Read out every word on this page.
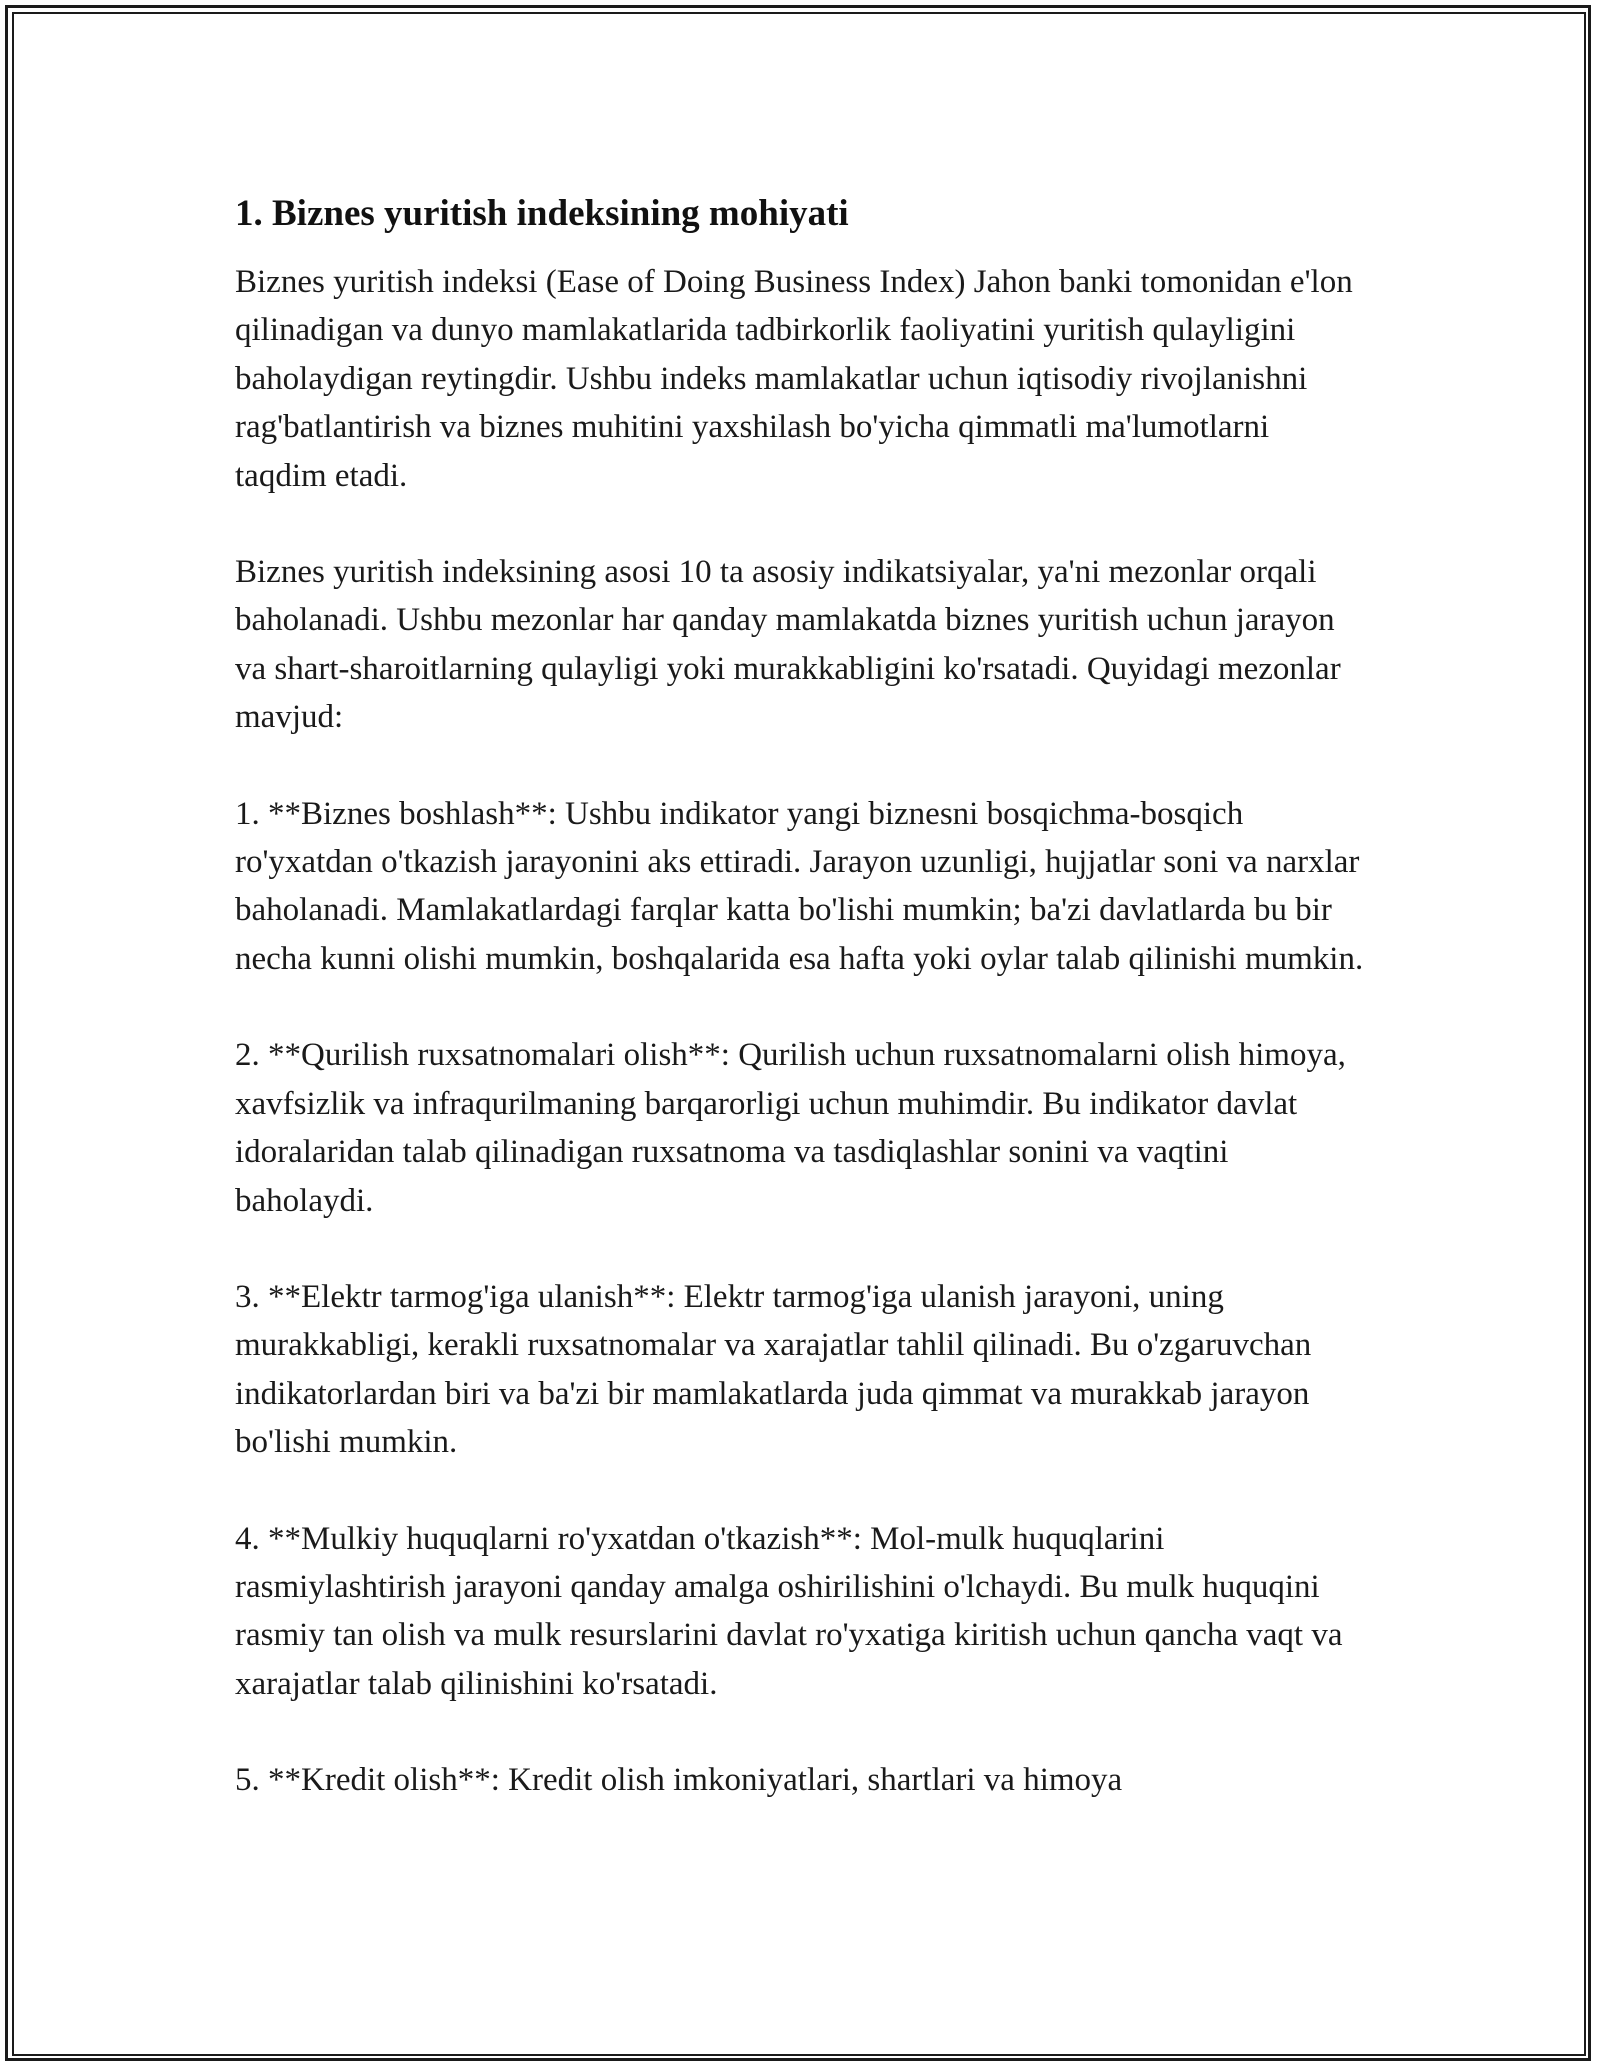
1. Biznes yuritish indeksining mohiyati

Biznes yuritish indeksi (Ease of Doing Business Index) Jahon banki tomonidan e'lon qilinadigan va dunyo mamlakatlarida tadbirkorlik faoliyatini yuritish qulayligini baholaydigan reytingdir. Ushbu indeks mamlakatlar uchun iqtisodiy rivojlanishni rag'batlantirish va biznes muhitini yaxshilash bo'yicha qimmatli ma'lumotlarni taqdim etadi.

Biznes yuritish indeksining asosi 10 ta asosiy indikatsiyalar, ya'ni mezonlar orqali baholanadi. Ushbu mezonlar har qanday mamlakatda biznes yuritish uchun jarayon va shart-sharoitlarning qulayligi yoki murakkabligini ko'rsatadi. Quyidagi mezonlar mavjud:

1. **Biznes boshlash**: Ushbu indikator yangi biznesni bosqichma-bosqich ro'yxatdan o'tkazish jarayonini aks ettiradi. Jarayon uzunligi, hujjatlar soni va narxlar baholanadi. Mamlakatlardagi farqlar katta bo'lishi mumkin; ba'zi davlatlarda bu bir necha kunni olishi mumkin, boshqalarida esa hafta yoki oylar talab qilinishi mumkin.

2. **Qurilish ruxsatnomalari olish**: Qurilish uchun ruxsatnomalarni olish himoya, xavfsizlik va infraqurilmaning barqarorligi uchun muhimdir. Bu indikator davlat idoralaridan talab qilinadigan ruxsatnoma va tasdiqlashlar sonini va vaqtini baholaydi.

3. **Elektr tarmog'iga ulanish**: Elektr tarmog'iga ulanish jarayoni, uning murakkabligi, kerakli ruxsatnomalar va xarajatlar tahlil qilinadi. Bu o'zgaruvchan indikatorlardan biri va ba'zi bir mamlakatlarda juda qimmat va murakkab jarayon bo'lishi mumkin.

4. **Mulkiy huquqlarni ro'yxatdan o'tkazish**: Mol-mulk huquqlarini rasmiylashtirish jarayoni qanday amalga oshirilishini o'lchaydi. Bu mulk huquqini rasmiy tan olish va mulk resurslarini davlat ro'yxatiga kiritish uchun qancha vaqt va xarajatlar talab qilinishini ko'rsatadi.

5. **Kredit olish**: Kredit olish imkoniyatlari, shartlari va himoya
